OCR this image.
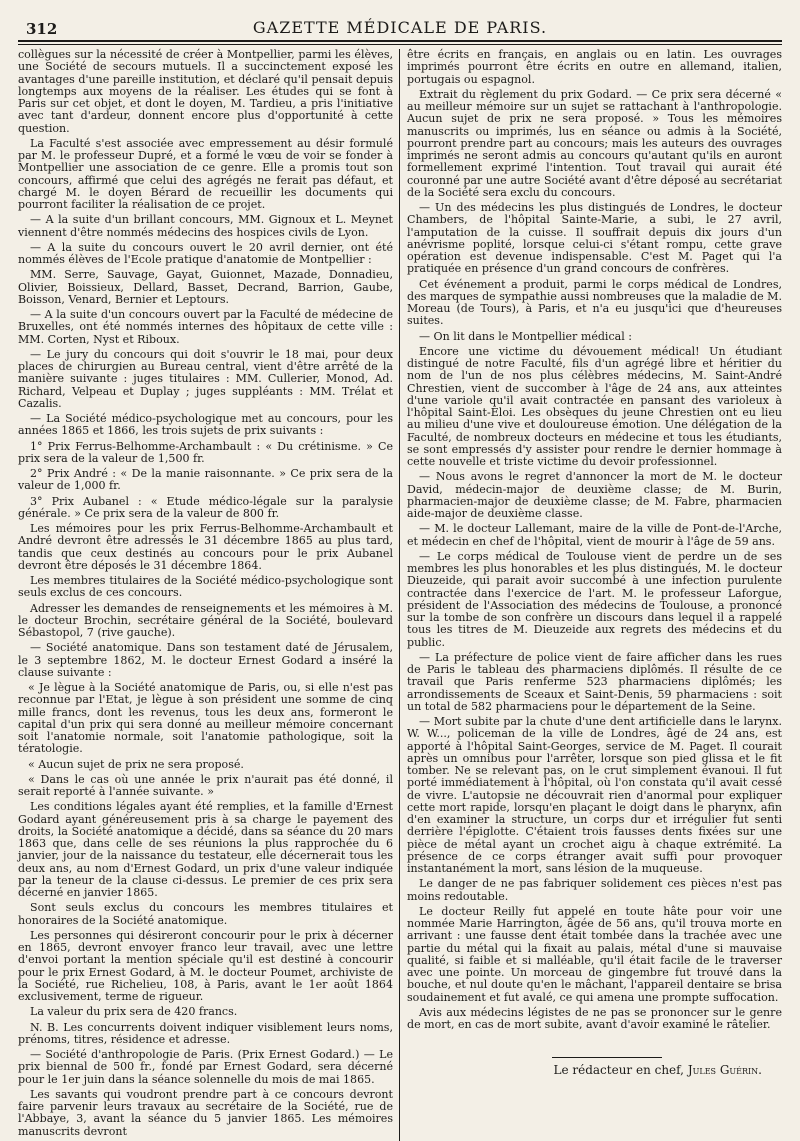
312	GAZETTE MÉDICALE DE PARIS.

collègues sur la nécessité de créer à Montpellier, parmi les élèves, une Société de secours mutuels. Il a succinctement exposé les avantages d'une pareille institution, et déclaré qu'il pensait depuis longtemps aux moyens de la réaliser. Les études qui se font à Paris sur cet objet, et dont le doyen, M. Tardieu, a pris l'initiative avec tant d'ardeur, donnent encore plus d'opportunité à cette question.

La Faculté s'est associée avec empressement au désir formulé par M. le professeur Dupré, et a formé le vœu de voir se fonder à Montpellier une association de ce genre. Elle a promis tout son concours, affirmé que celui des agrégés ne ferait pas défaut, et chargé M. le doyen Bérard de recueillir les documents qui pourront faciliter la réalisation de ce projet.

— A la suite d'un brillant concours, MM. Gignoux et L. Meynet viennent d'être nommés médecins des hospices civils de Lyon.

— A la suite du concours ouvert le 20 avril dernier, ont été nommés élèves de l'Ecole pratique d'anatomie de Montpellier :

MM. Serre, Sauvage, Gayat, Guionnet, Mazade, Donnadieu, Olivier, Boissieux, Dellard, Basset, Decrand, Barrion, Gaube, Boisson, Venard, Bernier et Leptours.

— A la suite d'un concours ouvert par la Faculté de médecine de Bruxelles, ont été nommés internes des hôpitaux de cette ville : MM. Corten, Nyst et Riboux.

— Le jury du concours qui doit s'ouvrir le 18 mai, pour deux places de chirurgien au Bureau central, vient d'être arrêté de la manière suivante : juges titulaires : MM. Cullerier, Monod, Ad. Richard, Velpeau et Duplay ; juges suppléants : MM. Trélat et Cazalis.

— La Société médico-psychologique met au concours, pour les années 1865 et 1866, les trois sujets de prix suivants :

1° Prix Ferrus-Belhomme-Archambault : « Du crétinisme. » Ce prix sera de la valeur de 1,500 fr.

2° Prix André : « De la manie raisonnante. » Ce prix sera de la valeur de 1,000 fr.

3° Prix Aubanel : « Etude médico-légale sur la paralysie générale. » Ce prix sera de la valeur de 800 fr.

Les mémoires pour les prix Ferrus-Belhomme-Archambault et André devront être adressés le 31 décembre 1865 au plus tard, tandis que ceux destinés au concours pour le prix Aubanel devront être déposés le 31 décembre 1864.

Les membres titulaires de la Société médico-psychologique sont seuls exclus de ces concours.

Adresser les demandes de renseignements et les mémoires à M. le docteur Brochin, secrétaire général de la Société, boulevard Sébastopol, 7 (rive gauche).

— Société anatomique. Dans son testament daté de Jérusalem, le 3 septembre 1862, M. le docteur Ernest Godard a inséré la clause suivante :

« Je lègue à la Société anatomique de Paris, ou, si elle n'est pas reconnue par l'Etat, je lègue à son président une somme de cinq mille francs, dont les revenus, tous les deux ans, formeront le capital d'un prix qui sera donné au meilleur mémoire concernant soit l'anatomie normale, soit l'anatomie pathologique, soit la tératologie.

« Aucun sujet de prix ne sera proposé.

« Dans le cas où une année le prix n'aurait pas été donné, il serait reporté à l'année suivante. »

Les conditions légales ayant été remplies, et la famille d'Ernest Godard ayant généreusement pris à sa charge le payement des droits, la Société anatomique a décidé, dans sa séance du 20 mars 1863 que, dans celle de ses réunions la plus rapprochée du 6 janvier, jour de la naissance du testateur, elle décernerait tous les deux ans, au nom d'Ernest Godard, un prix d'une valeur indiquée par la teneur de la clause ci-dessus. Le premier de ces prix sera décerné en janvier 1865.

Sont seuls exclus du concours les membres titulaires et honoraires de la Société anatomique.

Les personnes qui désireront concourir pour le prix à décerner en 1865, devront envoyer franco leur travail, avec une lettre d'envoi portant la mention spéciale qu'il est destiné à concourir pour le prix Ernest Godard, à M. le docteur Poumet, archiviste de la Société, rue Richelieu, 108, à Paris, avant le 1er août 1864 exclusivement, terme de rigueur.

La valeur du prix sera de 420 francs.

N. B. Les concurrents doivent indiquer visiblement leurs noms, prénoms, titres, résidence et adresse.

— Société d'anthropologie de Paris. (Prix Ernest Godard.) — Le prix biennal de 500 fr., fondé par Ernest Godard, sera décerné pour le 1er juin dans la séance solennelle du mois de mai 1865.

Les savants qui voudront prendre part à ce concours devront faire parvenir leurs travaux au secrétaire de la Société, rue de l'Abbaye, 3, avant la séance du 5 janvier 1865. Les mémoires manuscrits devront

être écrits en français, en anglais ou en latin. Les ouvrages imprimés pourront être écrits en outre en allemand, italien, portugais ou espagnol.

Extrait du règlement du prix Godard. — Ce prix sera décerné « au meilleur mémoire sur un sujet se rattachant à l'anthropologie. Aucun sujet de prix ne sera proposé. » Tous les mémoires manuscrits ou imprimés, lus en séance ou admis à la Société, pourront prendre part au concours; mais les auteurs des ouvrages imprimés ne seront admis au concours qu'autant qu'ils en auront formellement exprimé l'intention. Tout travail qui aurait été couronné par une autre Société avant d'être déposé au secrétariat de la Société sera exclu du concours.

— Un des médecins les plus distingués de Londres, le docteur Chambers, de l'hôpital Sainte-Marie, a subi, le 27 avril, l'amputation de la cuisse. Il souffrait depuis dix jours d'un anévrisme poplité, lorsque celui-ci s'étant rompu, cette grave opération est devenue indispensable. C'est M. Paget qui l'a pratiquée en présence d'un grand concours de confrères.

Cet événement a produit, parmi le corps médical de Londres, des marques de sympathie aussi nombreuses que la maladie de M. Moreau (de Tours), à Paris, et n'a eu jusqu'ici que d'heureuses suites.

— On lit dans le Montpellier médical :

Encore une victime du dévouement médical! Un étudiant distingué de notre Faculté, fils d'un agrégé libre et héritier du nom de l'un de nos plus célèbres médecins, M. Saint-André Chrestien, vient de succomber à l'âge de 24 ans, aux atteintes d'une variole qu'il avait contractée en pansant des varioleux à l'hôpital Saint-Eloi. Les obsèques du jeune Chrestien ont eu lieu au milieu d'une vive et douloureuse émotion. Une délégation de la Faculté, de nombreux docteurs en médecine et tous les étudiants, se sont empressés d'y assister pour rendre le dernier hommage à cette nouvelle et triste victime du devoir professionnel.

— Nous avons le regret d'annoncer la mort de M. le docteur David, médecin-major de deuxième classe; de M. Burin, pharmacien-major de deuxième classe; de M. Fabre, pharmacien aide-major de deuxième classe.

— M. le docteur Lallemant, maire de la ville de Pont-de-l'Arche, et médecin en chef de l'hôpital, vient de mourir à l'âge de 59 ans.

— Le corps médical de Toulouse vient de perdre un de ses membres les plus honorables et les plus distingués, M. le docteur Dieuzeide, qui parait avoir succombé à une infection purulente contractée dans l'exercice de l'art. M. le professeur Laforgue, président de l'Association des médecins de Toulouse, a prononcé sur la tombe de son confrère un discours dans lequel il a rappelé tous les titres de M. Dieuzeide aux regrets des médecins et du public.

— La préfecture de police vient de faire afficher dans les rues de Paris le tableau des pharmaciens diplômés. Il résulte de ce travail que Paris renferme 523 pharmaciens diplômés; les arrondissements de Sceaux et Saint-Denis, 59 pharmaciens : soit un total de 582 pharmaciens pour le département de la Seine.

— Mort subite par la chute d'une dent artificielle dans le larynx. W. W..., policeman de la ville de Londres, âgé de 24 ans, est apporté à l'hôpital Saint-Georges, service de M. Paget. Il courait après un omnibus pour l'arrêter, lorsque son pied glissa et le fit tomber. Ne se relevant pas, on le crut simplement évanoui. Il fut porté immédiatement à l'hôpital, où l'on constata qu'il avait cessé de vivre. L'autopsie ne découvrait rien d'anormal pour expliquer cette mort rapide, lorsqu'en plaçant le doigt dans le pharynx, afin d'en examiner la structure, un corps dur et irrégulier fut senti derrière l'épiglotte. C'étaient trois fausses dents fixées sur une pièce de métal ayant un crochet aigu à chaque extrémité. La présence de ce corps étranger avait suffi pour provoquer instantanément la mort, sans lésion de la muqueuse.

Le danger de ne pas fabriquer solidement ces pièces n'est pas moins redoutable.

Le docteur Reilly fut appelé en toute hâte pour voir une nommée Marie Harrington, âgée de 56 ans, qu'il trouva morte en arrivant : une fausse dent était tombée dans la trachée avec une partie du métal qui la fixait au palais, métal d'une si mauvaise qualité, si faible et si malléable, qu'il était facile de le traverser avec une pointe. Un morceau de gingembre fut trouvé dans la bouche, et nul doute qu'en le mâchant, l'appareil dentaire se brisa soudainement et fut avalé, ce qui amena une prompte suffocation.

Avis aux médecins légistes de ne pas se prononcer sur le genre de mort, en cas de mort subite, avant d'avoir examiné le râtelier.

Le rédacteur en chef, Jules Guérin.
